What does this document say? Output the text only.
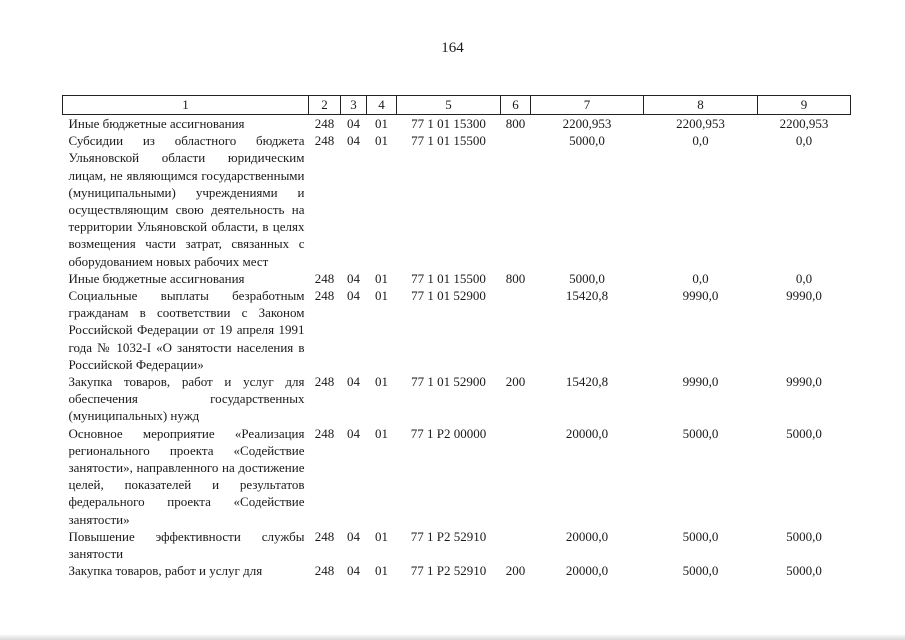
164
1	2	3	4	5	6	7	8	9
Иные бюджетные ассигнования	248	04	01	77 1 01 15300	800	2200,953	2200,953	2200,953
Субсидии из областного бюджета Ульяновской области юридическим лицам, не являющимся государственными (муниципальными) учреждениями и осуществляющим свою деятельность на территории Ульяновской области, в целях возмещения части затрат, связанных с оборудованием новых рабочих мест	248	04	01	77 1 01 15500		5000,0	0,0	0,0
Иные бюджетные ассигнования	248	04	01	77 1 01 15500	800	5000,0	0,0	0,0
Социальные выплаты безработным гражданам в соответствии с Законом Российской Федерации от 19 апреля 1991 года № 1032-I «О занятости населения в Российской Федерации»	248	04	01	77 1 01 52900		15420,8	9990,0	9990,0
Закупка товаров, работ и услуг для обеспечения государственных (муниципальных) нужд	248	04	01	77 1 01 52900	200	15420,8	9990,0	9990,0
Основное мероприятие «Реализация регионального проекта «Содействие занятости», направленного на достижение целей, показателей и результатов федерального проекта «Содействие занятости»	248	04	01	77 1 P2 00000		20000,0	5000,0	5000,0
Повышение эффективности службы занятости	248	04	01	77 1 P2 52910		20000,0	5000,0	5000,0
Закупка товаров, работ и услуг для	248	04	01	77 1 P2 52910	200	20000,0	5000,0	5000,0
